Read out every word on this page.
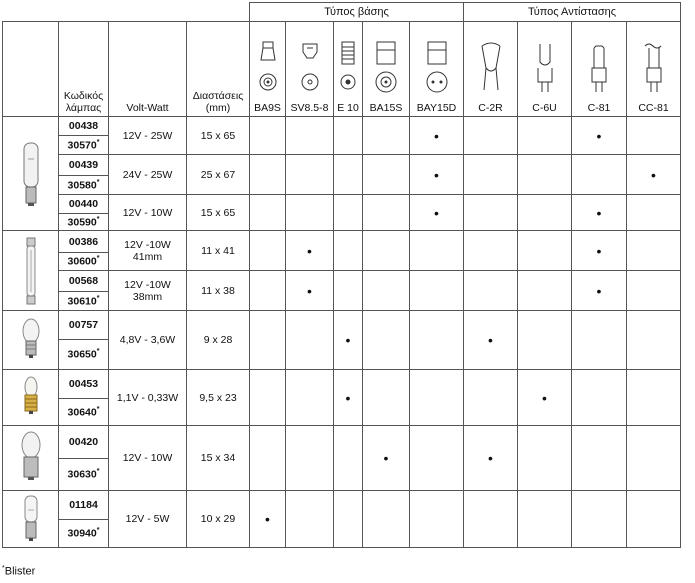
				Τύπος βάσης					Τύπος Αντίστασης			

	Κωδικός λάμπας	Volt-Watt	Διαστάσεις (mm)	BA9S	SV8.5-8	E 10	BA15S	BAY15D	C-2R	C-6U	C-81	CC-81

	00438	12V - 25W	15 x 65					•			•	
	30570*
	00439	24V - 25W	25 x 67					•				•
	30580*
	00440	12V - 10W	15 x 65					•			•	
	30590*

	00386	12V -10W
41mm	11 x 41		•						•	
	30600*
	00568	12V -10W
38mm	11 x 38		•						•	
	30610*

	00757	4,8V - 3,6W	9 x 28			•			•			
	30650*

	00453	1,1V - 0,33W	9,5 x 23			•				•		
	30640*

	00420	12V - 10W	15 x 34				•		•			
	30630*

	01184	12V - 5W	10 x 29	•								
	30940*
*Blister
